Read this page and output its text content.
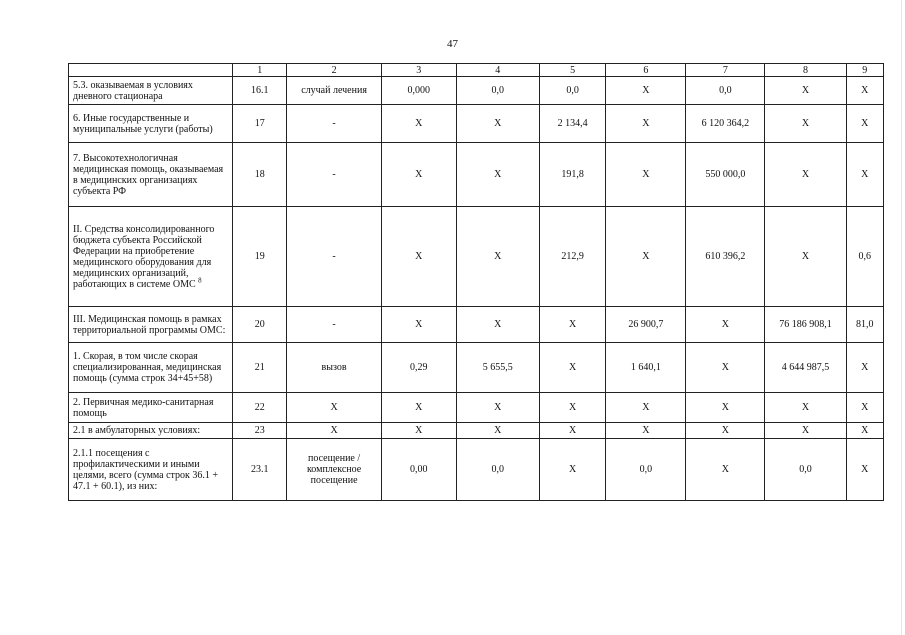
47
	1	2	3	4	5	6	7	8	9
5.3. оказываемая в условиях дневного стационара	16.1	случай лечения	0,000	0,0	0,0	Х	0,0	Х	Х
6. Иные государственные и муниципальные услуги (работы)	17	-	Х	Х	2 134,4	Х	6 120 364,2	Х	Х
7. Высокотехнологичная медицинская помощь, оказываемая в медицинских организациях субъекта РФ	18	-	Х	Х	191,8	Х	550 000,0	Х	Х
II. Средства консолидированного бюджета субъекта Российской Федерации на приобретение медицинского оборудования для медицинских организаций, работающих в системе ОМС $^8$	19	-	Х	Х	212,9	Х	610 396,2	Х	0,6
III. Медицинская помощь в рамках территориальной программы ОМС:	20	-	Х	Х	Х	26 900,7	Х	76 186 908,1	81,0
1. Скорая, в том числе скорая специализированная, медицинская помощь (сумма строк 34+45+58)	21	вызов	0,29	5 655,5	Х	1 640,1	Х	4 644 987,5	Х
2. Первичная медико-санитарная помощь	22	Х	Х	Х	Х	Х	Х	Х	Х
2.1 в амбулаторных условиях:	23	Х	Х	Х	Х	Х	Х	Х	Х
2.1.1 посещения с профилактическими и иными целями, всего (сумма строк 36.1 + 47.1 + 60.1), из них:	23.1	посещение / комплексное посещение	0,00	0,0	Х	0,0	Х	0,0	Х
